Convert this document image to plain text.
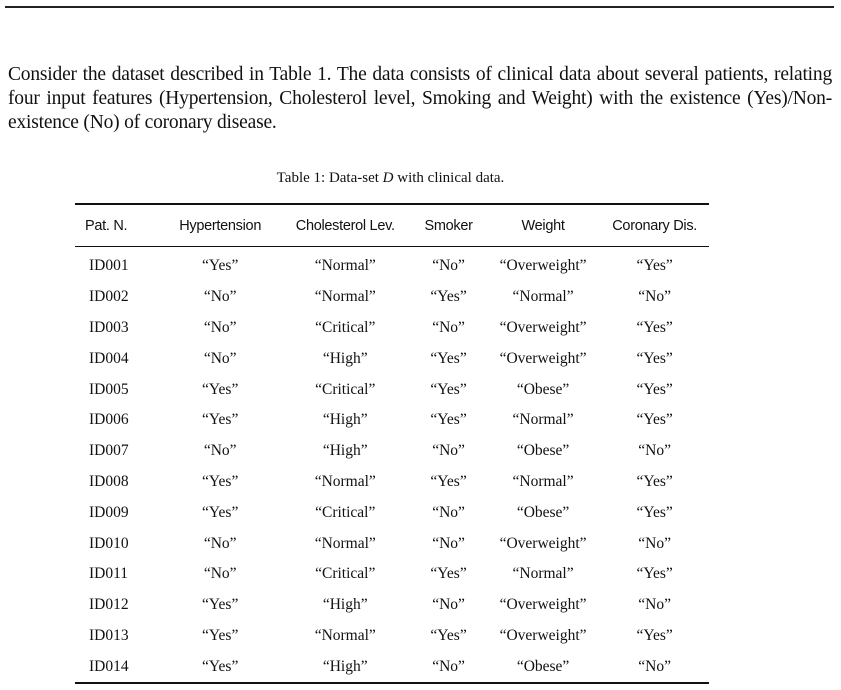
Consider the dataset described in Table 1. The data consists of clinical data about several patients, relating four input features (Hypertension, Cholesterol level, Smoking and Weight) with the existence (Yes)/Non-existence (No) of coronary disease.

Table 1: Data-set D with clinical data.
Pat. N.	Hypertension	Cholesterol Lev.	Smoker	Weight	Coronary Dis.
ID001	“Yes”	“Normal”	“No”	“Overweight”	“Yes”
ID002	“No”	“Normal”	“Yes”	“Normal”	“No”
ID003	“No”	“Critical”	“No”	“Overweight”	“Yes”
ID004	“No”	“High”	“Yes”	“Overweight”	“Yes”
ID005	“Yes”	“Critical”	“Yes”	“Obese”	“Yes”
ID006	“Yes”	“High”	“Yes”	“Normal”	“Yes”
ID007	“No”	“High”	“No”	“Obese”	“No”
ID008	“Yes”	“Normal”	“Yes”	“Normal”	“Yes”
ID009	“Yes”	“Critical”	“No”	“Obese”	“Yes”
ID010	“No”	“Normal”	“No”	“Overweight”	“No”
ID011	“No”	“Critical”	“Yes”	“Normal”	“Yes”
ID012	“Yes”	“High”	“No”	“Overweight”	“No”
ID013	“Yes”	“Normal”	“Yes”	“Overweight”	“Yes”
ID014	“Yes”	“High”	“No”	“Obese”	“No”
